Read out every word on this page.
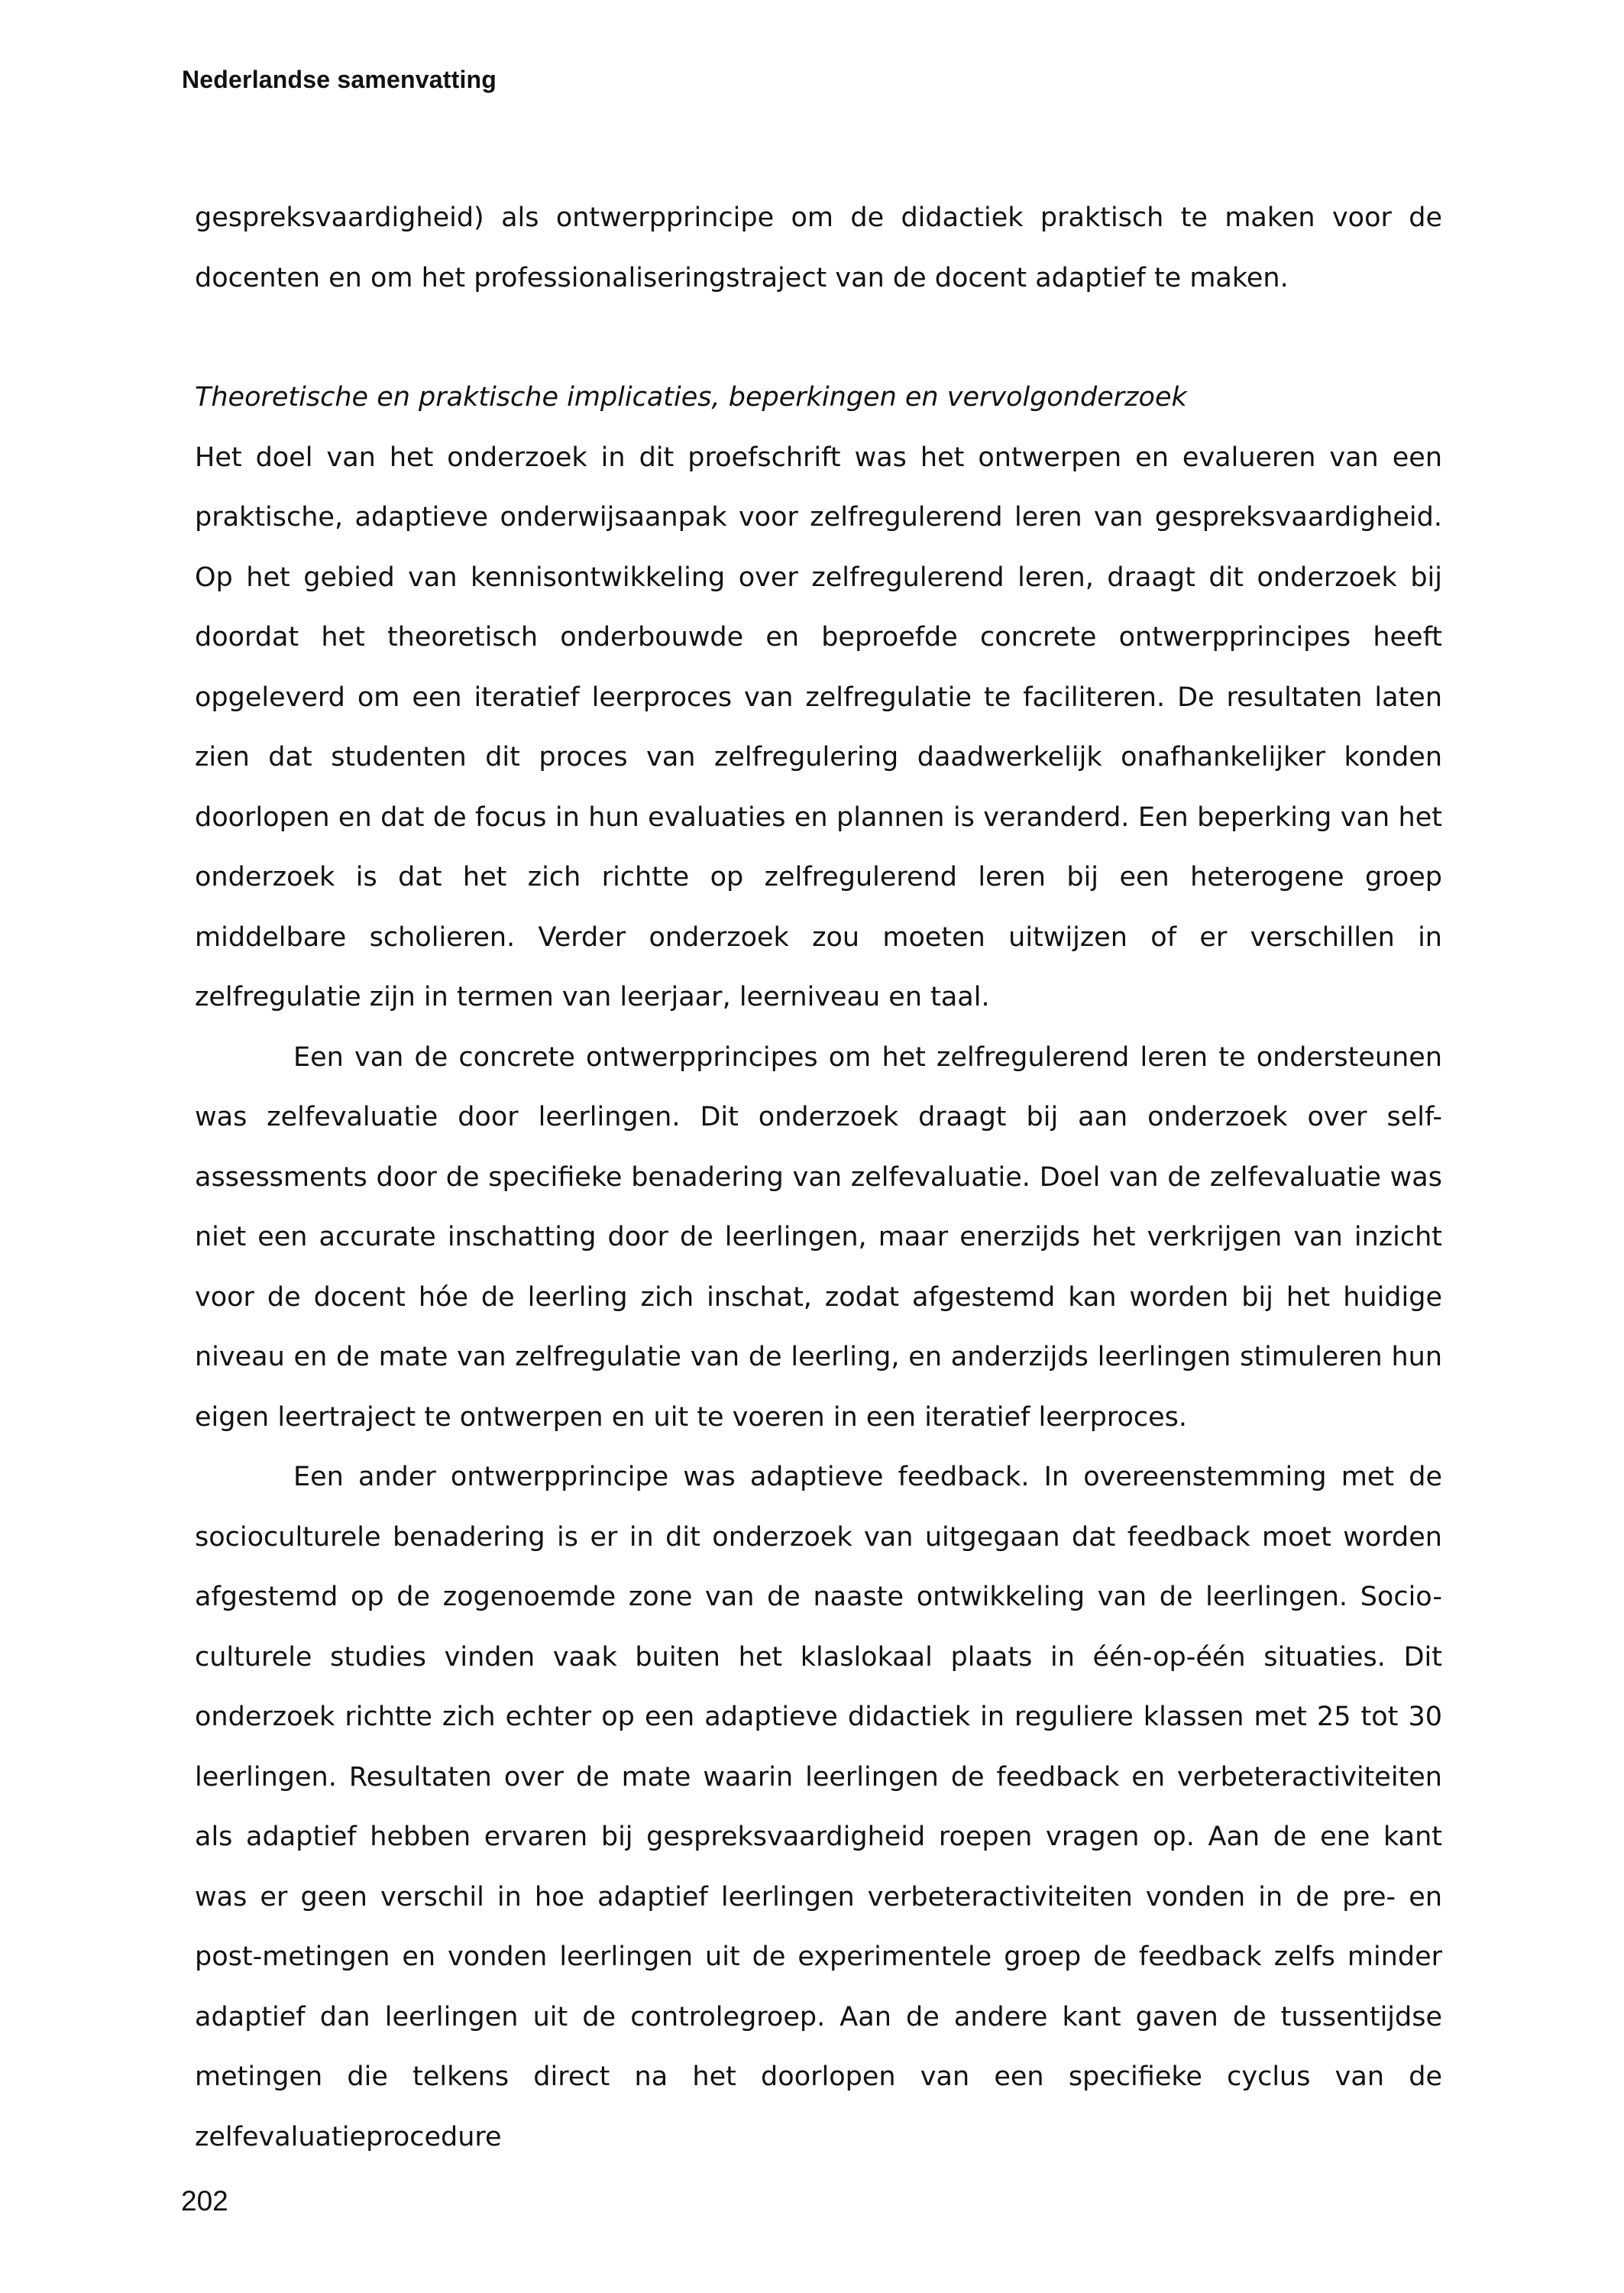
Nederlandse samenvatting

gespreksvaardigheid) als ontwerpprincipe om de didactiek praktisch te maken voor de docenten en om het professionaliseringstraject van de docent adaptief te maken.

Theoretische en praktische implicaties, beperkingen en vervolgonderzoek

Het doel van het onderzoek in dit proefschrift was het ontwerpen en evalueren van een praktische, adaptieve onderwijsaanpak voor zelfregulerend leren van gespreksvaardigheid. Op het gebied van kennisontwikkeling over zelfregulerend leren, draagt dit onderzoek bij doordat het theoretisch onderbouwde en beproefde concrete ontwerpprincipes heeft opgeleverd om een iteratief leerproces van zelfregulatie te faciliteren. De resultaten laten zien dat studenten dit proces van zelfregulering daadwerkelijk onafhankelijker konden doorlopen en dat de focus in hun evaluaties en plannen is veranderd. Een beperking van het onderzoek is dat het zich richtte op zelfregulerend leren bij een heterogene groep middelbare scholieren. Verder onderzoek zou moeten uitwijzen of er verschillen in zelfregulatie zijn in termen van leerjaar, leerniveau en taal.

Een van de concrete ontwerpprincipes om het zelfregulerend leren te ondersteunen was zelfevaluatie door leerlingen. Dit onderzoek draagt bij aan onderzoek over self-assessments door de specifieke benadering van zelfevaluatie. Doel van de zelfevaluatie was niet een accurate inschatting door de leerlingen, maar enerzijds het verkrijgen van inzicht voor de docent hóe de leerling zich inschat, zodat afgestemd kan worden bij het huidige niveau en de mate van zelfregulatie van de leerling, en anderzijds leerlingen stimuleren hun eigen leertraject te ontwerpen en uit te voeren in een iteratief leerproces.

Een ander ontwerpprincipe was adaptieve feedback. In overeenstemming met de socioculturele benadering is er in dit onderzoek van uitgegaan dat feedback moet worden afgestemd op de zogenoemde zone van de naaste ontwikkeling van de leerlingen. Socio-culturele studies vinden vaak buiten het klaslokaal plaats in één-op-één situaties. Dit onderzoek richtte zich echter op een adaptieve didactiek in reguliere klassen met 25 tot 30 leerlingen. Resultaten over de mate waarin leerlingen de feedback en verbeteractiviteiten als adaptief hebben ervaren bij gespreksvaardigheid roepen vragen op. Aan de ene kant was er geen verschil in hoe adaptief leerlingen verbeteractiviteiten vonden in de pre- en post-metingen en vonden leerlingen uit de experimentele groep de feedback zelfs minder adaptief dan leerlingen uit de controlegroep. Aan de andere kant gaven de tussentijdse metingen die telkens direct na het doorlopen van een specifieke cyclus van de zelfevaluatieprocedure

202
